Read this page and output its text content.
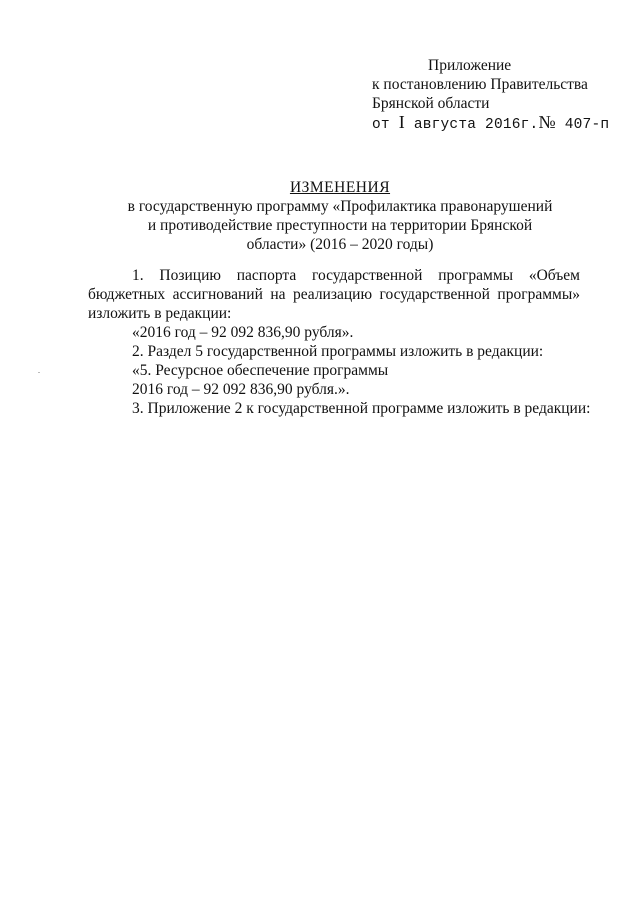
Приложение
к постановлению Правительства
Брянской области
от I августа 2016г.№ 407-п
ИЗМЕНЕНИЯ
в государственную программу «Профилактика правонарушений
и противодействие преступности на территории Брянской
области» (2016 – 2020 годы)
1. Позицию паспорта государственной программы «Объем бюджетных ассигнований на реализацию государственной программы» изложить в редакции:
«2016 год – 92 092 836,90 рубля».
2. Раздел 5 государственной программы изложить в редакции:
«5. Ресурсное обеспечение программы
2016 год – 92 092 836,90 рубля.».
3. Приложение 2 к государственной программе изложить в редакции:
